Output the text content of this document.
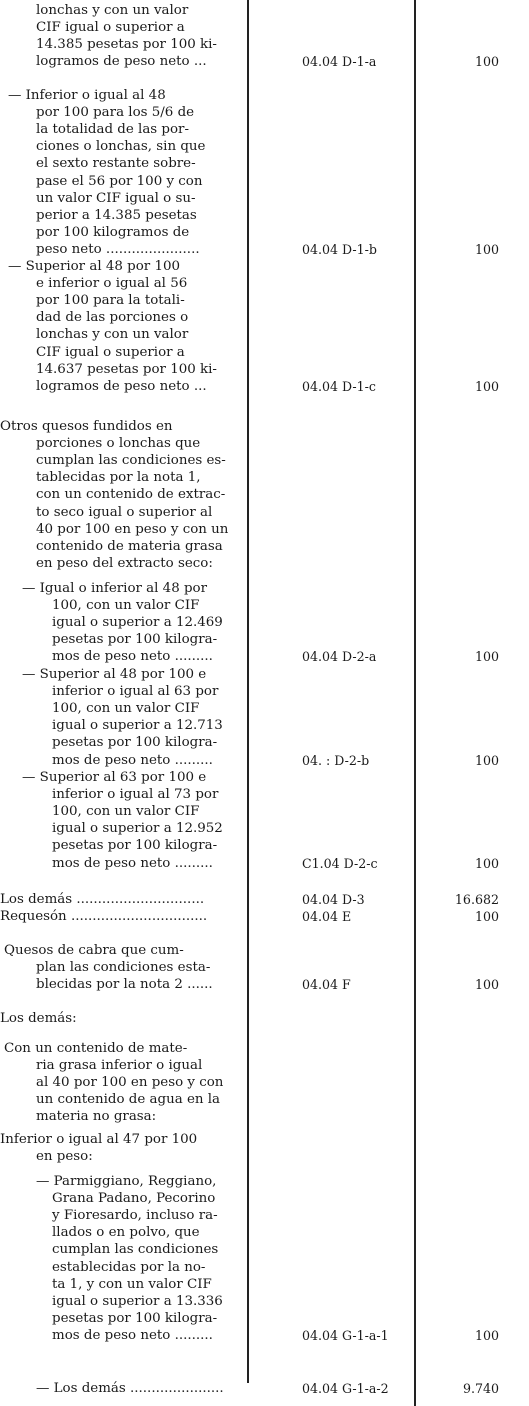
lonchas y con un valor
CIF igual o superior a
14.385 pesetas por 100 ki-
logramos de peso neto ...	04.04 D-1-a	100
— Inferior o igual al 48
por 100 para los 5/6 de
la totalidad de las por-
ciones o lonchas, sin que
el sexto restante sobre-
pase el 56 por 100 y con
un valor CIF igual o su-
perior a 14.385 pesetas
por 100 kilogramos de
peso neto ......................	04.04 D-1-b	100
— Superior al 48 por 100
e inferior o igual al 56
por 100 para la totali-
dad de las porciones o
lonchas y con un valor
CIF igual o superior a
14.637 pesetas por 100 ki-
logramos de peso neto ...	04.04 D-1-c	100
Otros quesos fundidos en
porciones o lonchas que
cumplan las condiciones es-
tablecidas por la nota 1,
con un contenido de extrac-
to seco igual o superior al
40 por 100 en peso y con un
contenido de materia grasa
en peso del extracto seco:
— Igual o inferior al 48 por
100, con un valor CIF
igual o superior a 12.469
pesetas por 100 kilogra-
mos de peso neto .........	04.04 D-2-a	100
— Superior al 48 por 100 e
inferior o igual al 63 por
100, con un valor CIF
igual o superior a 12.713
pesetas por 100 kilogra-
mos de peso neto .........	04. : D-2-b	100
— Superior al 63 por 100 e
inferior o igual al 73 por
100, con un valor CIF
igual o superior a 12.952
pesetas por 100 kilogra-
mos de peso neto .........	C1.04 D-2-c	100
Los demás ..............................	04.04 D-3	16.682
Requesón ................................	04.04 E	100
Quesos de cabra que cum-
plan las condiciones esta-
blecidas por la nota 2 ......	04.04 F	100
Los demás:
Con un contenido de mate-
ria grasa inferior o igual
al 40 por 100 en peso y con
un contenido de agua en la
materia no grasa:
Inferior o igual al 47 por 100
en peso:
— Parmiggiano, Reggiano,
Grana Padano, Pecorino
y Fioresardo, incluso ra-
llados o en polvo, que
cumplan las condiciones
establecidas por la no-
ta 1, y con un valor CIF
igual o superior a 13.336
pesetas por 100 kilogra-
mos de peso neto .........	04.04 G-1-a-1	100
— Los demás ......................	04.04 G-1-a-2	9.740
